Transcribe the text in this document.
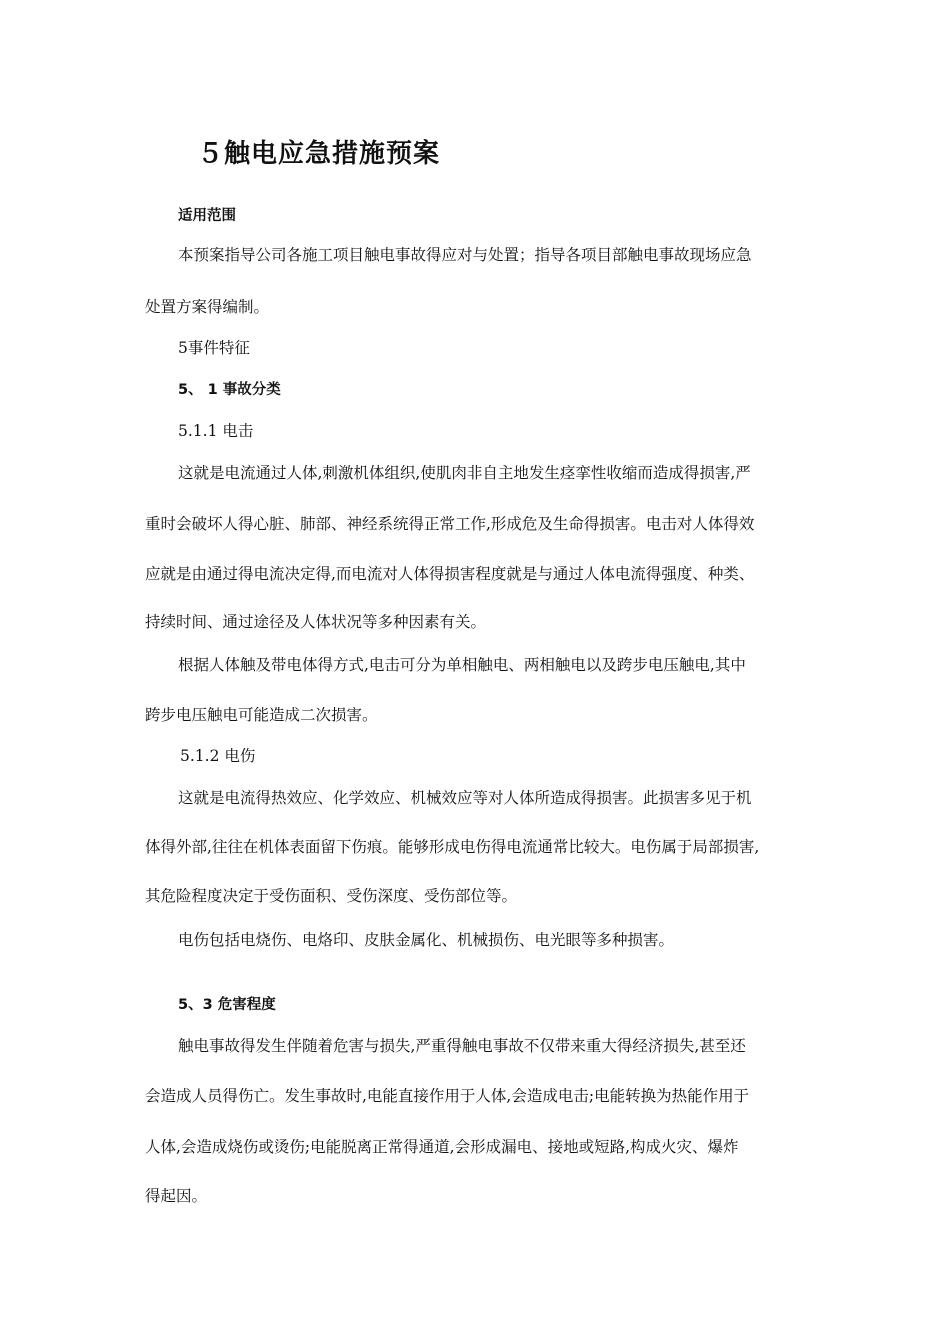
５触电应急措施预案
适用范围
本预案指导公司各施工项目触电事故得应对与处置；指导各项目部触电事故现场应急
处置方案得编制。
5事件特征
5、 1 事故分类
5.1.1 电击
这就是电流通过人体,刺激机体组织,使肌肉非自主地发生痉挛性收缩而造成得损害,严
重时会破坏人得心脏、肺部、神经系统得正常工作,形成危及生命得损害。电击对人体得效
应就是由通过得电流决定得,而电流对人体得损害程度就是与通过人体电流得强度、种类、
持续时间、通过途径及人体状况等多种因素有关。
根据人体触及带电体得方式,电击可分为单相触电、两相触电以及跨步电压触电,其中
跨步电压触电可能造成二次损害。
5.1.2 电伤
这就是电流得热效应、化学效应、机械效应等对人体所造成得损害。此损害多见于机
体得外部,往往在机体表面留下伤痕。能够形成电伤得电流通常比较大。电伤属于局部损害,
其危险程度决定于受伤面积、受伤深度、受伤部位等。
电伤包括电烧伤、电烙印、皮肤金属化、机械损伤、电光眼等多种损害。
5、3 危害程度
触电事故得发生伴随着危害与损失,严重得触电事故不仅带来重大得经济损失,甚至还
会造成人员得伤亡。发生事故时,电能直接作用于人体,会造成电击;电能转换为热能作用于
人体,会造成烧伤或烫伤;电能脱离正常得通道,会形成漏电、接地或短路,构成火灾、爆炸
得起因。
